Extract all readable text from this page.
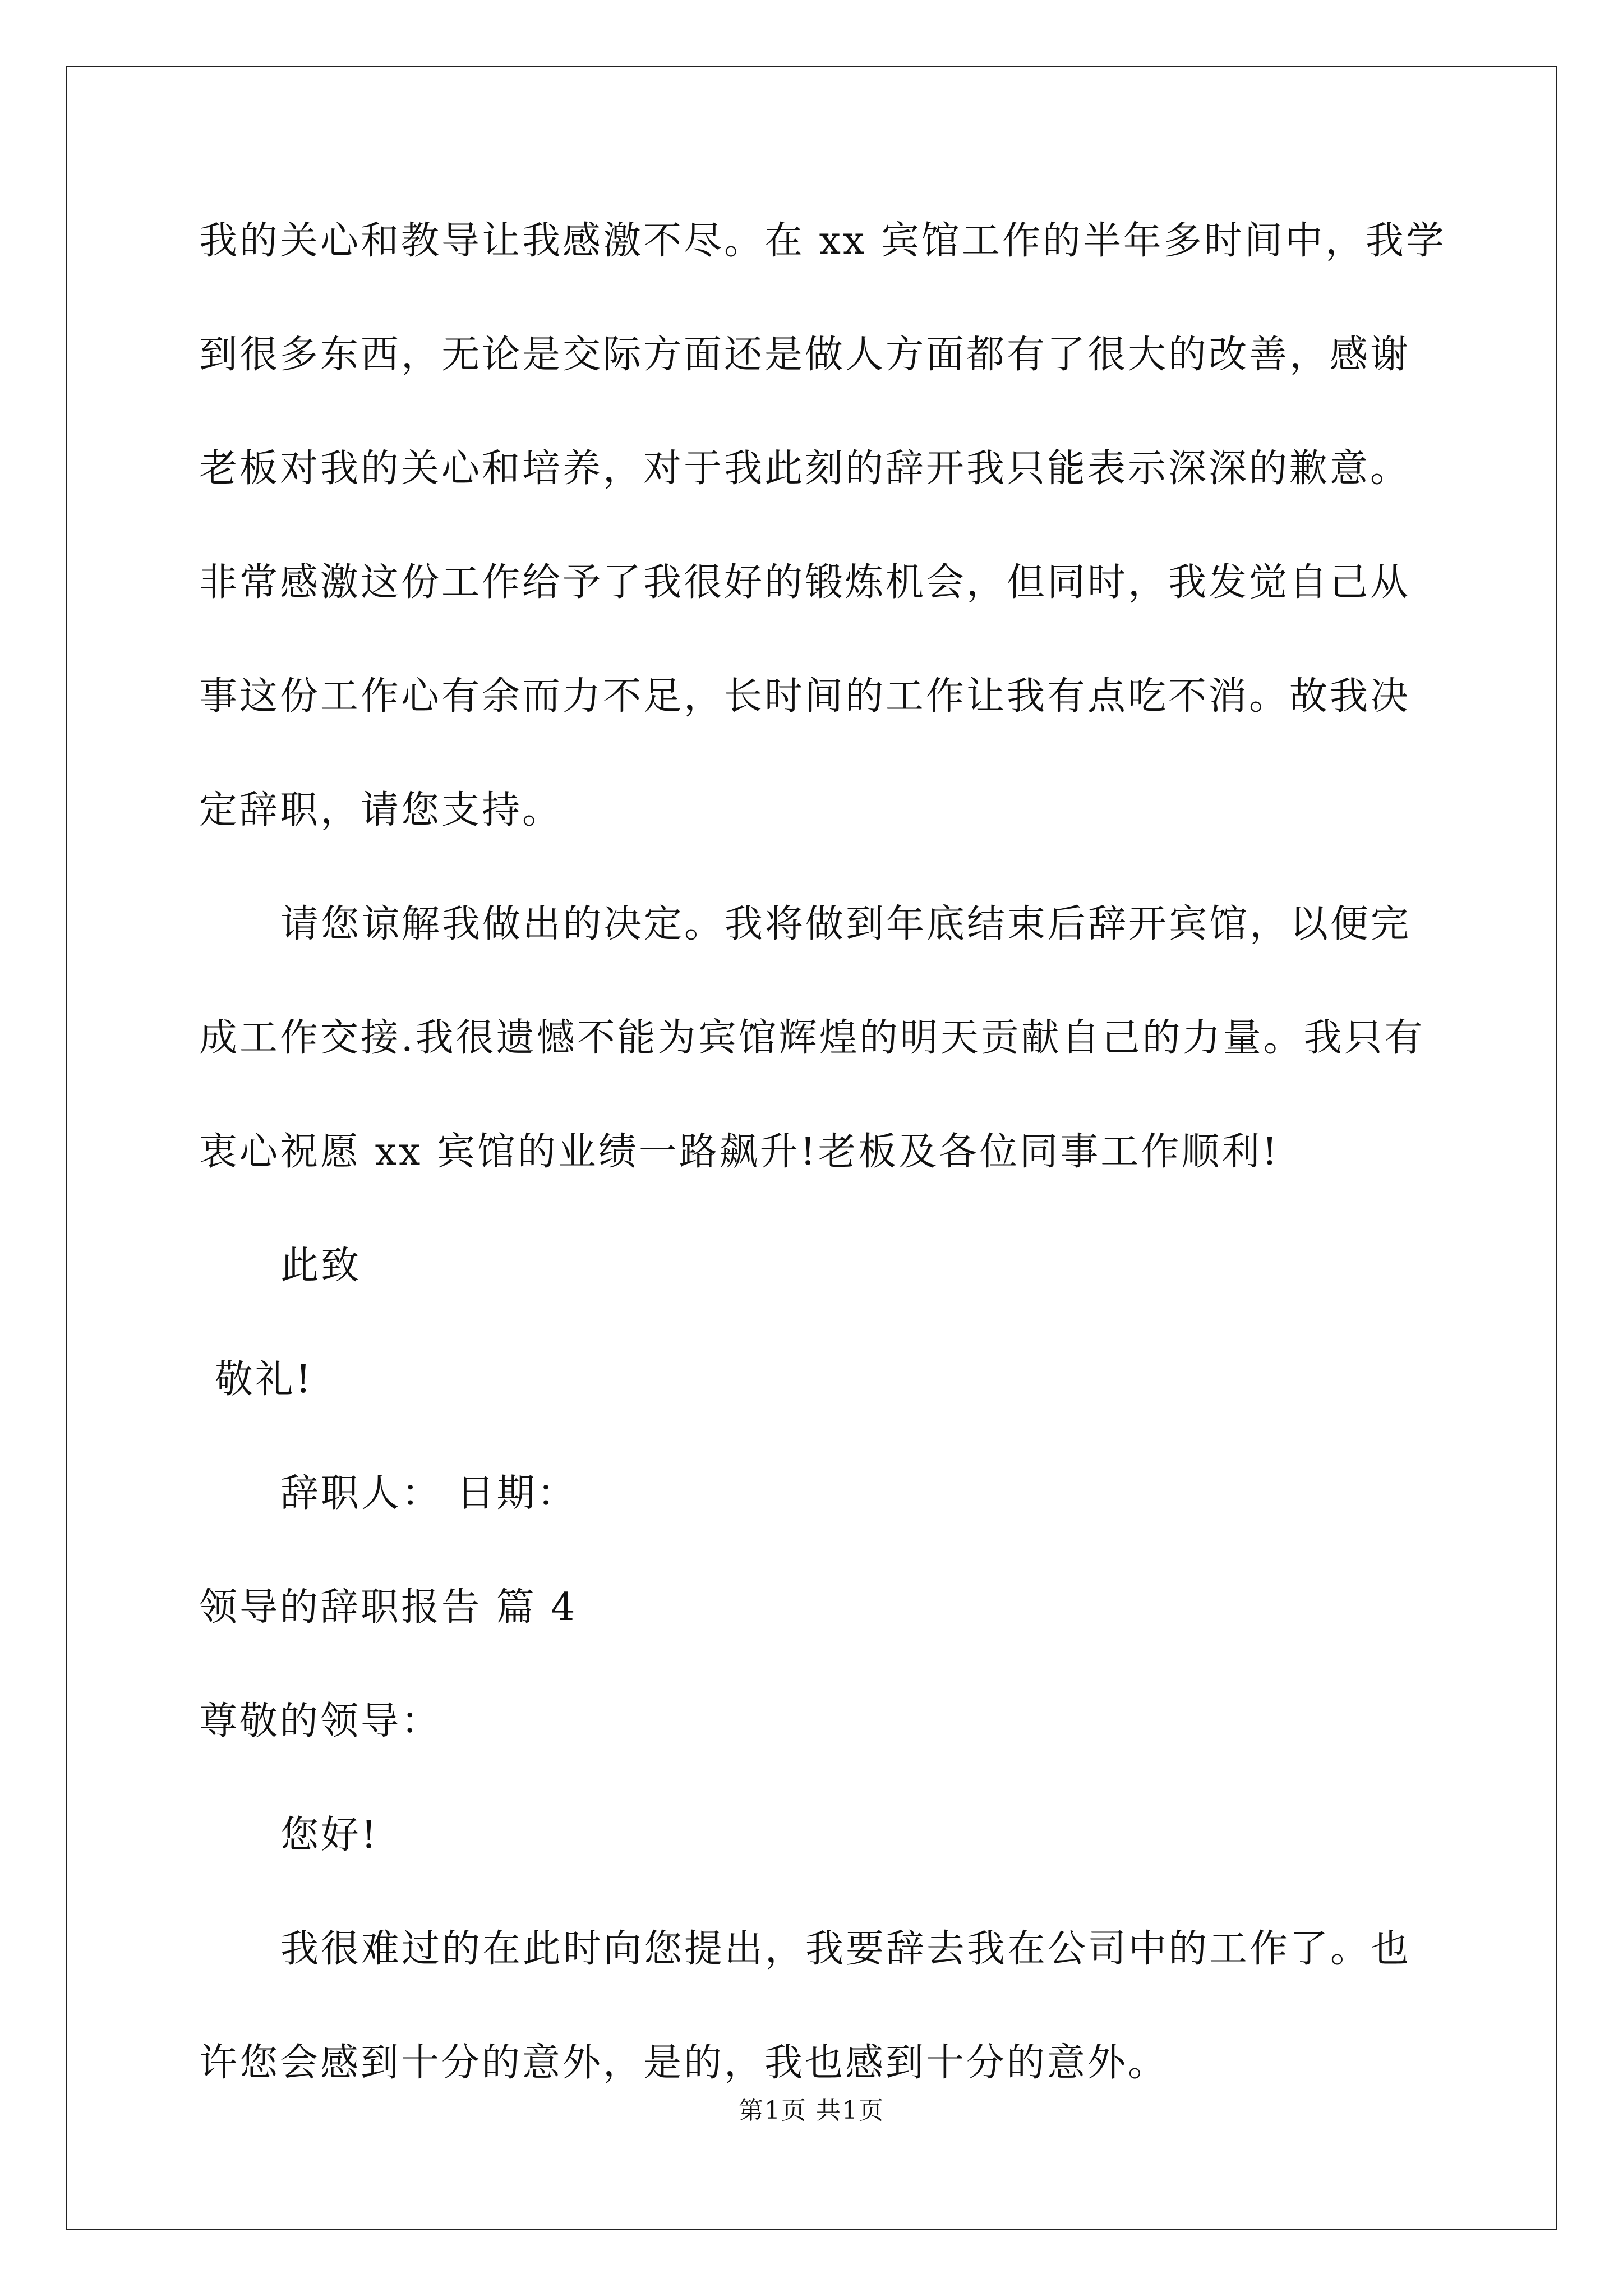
我的关心和教导让我感激不尽。在 xx 宾馆工作的半年多时间中，我学

到很多东西，无论是交际方面还是做人方面都有了很大的改善，感谢

老板对我的关心和培养，对于我此刻的辞开我只能表示深深的歉意。

非常感激这份工作给予了我很好的锻炼机会，但同时，我发觉自己从

事这份工作心有余而力不足，长时间的工作让我有点吃不消。故我决

定辞职，请您支持。

请您谅解我做出的决定。我将做到年底结束后辞开宾馆，以便完

成工作交接.我很遗憾不能为宾馆辉煌的明天贡献自己的力量。我只有

衷心祝愿 xx 宾馆的业绩一路飙升!老板及各位同事工作顺利!

此致

敬礼!

辞职人： 日期：

领导的辞职报告 篇 4

尊敬的领导：

您好!

我很难过的在此时向您提出，我要辞去我在公司中的工作了。也

许您会感到十分的意外，是的，我也感到十分的意外。

第1页 共1页
